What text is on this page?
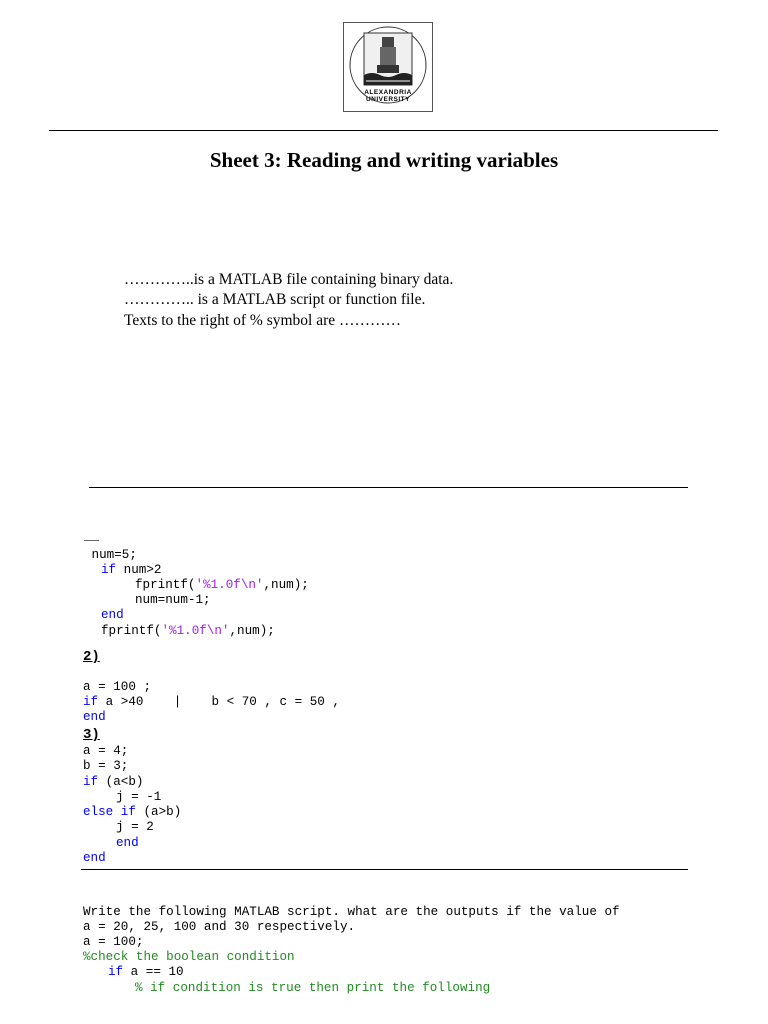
ALEXANDRIA UNIVERSITY
Sheet 3: Reading and writing variables
…………..is a MATLAB file containing binary data.
………….. is a MATLAB script or function file.
Texts to the right of % symbol are …………
__
num=5;
if num>2
fprintf('%1.0f\n',num);
num=num-1;
end
fprintf('%1.0f\n',num);
2)
a = 100 ;
if a >40    |    b < 70 , c = 50 ,
end
3)
a = 4;
b = 3;
if (a<b)
j = -1
else if (a>b)
j = 2
end
end
Write the following MATLAB script. what are the outputs if the value of
a = 20, 25, 100 and 30 respectively.
a = 100;
%check the boolean condition
if a == 10
% if condition is true then print the following
